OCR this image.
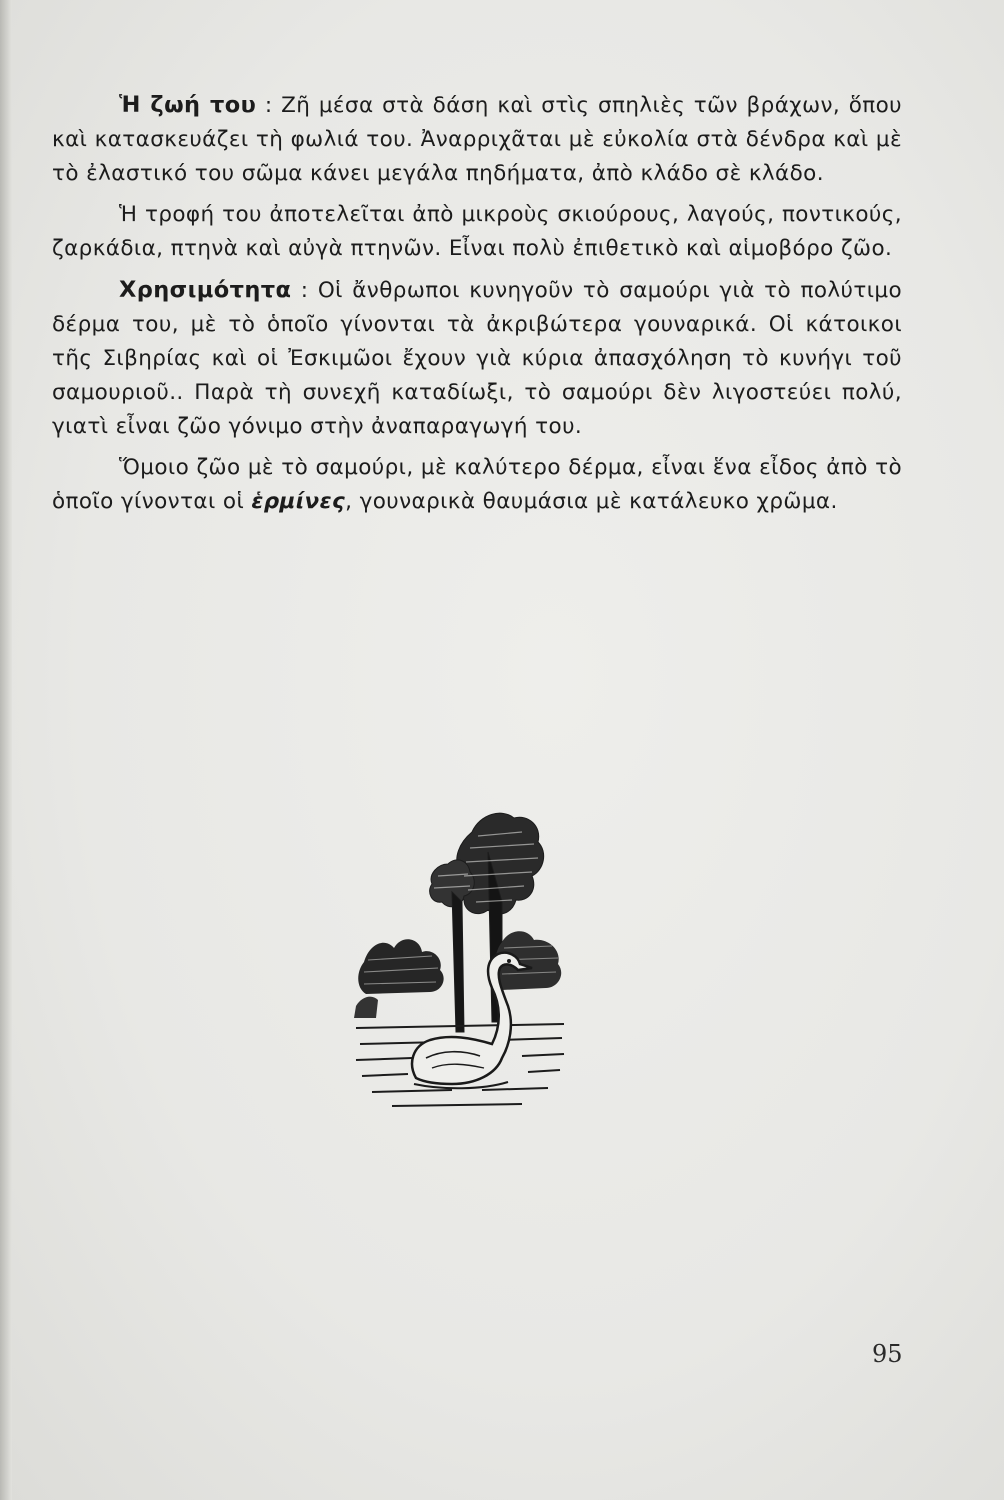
Ἡ ζωή του : Ζῆ μέσα στὰ δάση καὶ στὶς σπηλιὲς τῶν βράχων, ὅπου καὶ κατασκευάζει τὴ φωλιά του. Ἀναρριχᾶται μὲ εὐκολία στὰ δένδρα καὶ μὲ τὸ ἐλαστικό του σῶμα κάνει μεγάλα πηδήματα, ἀπὸ κλάδο σὲ κλάδο.

Ἡ τροφή του ἀποτελεῖται ἀπὸ μικροὺς σκιούρους, λαγούς, ποντικούς, ζαρκάδια, πτηνὰ καὶ αὐγὰ πτηνῶν. Εἶναι πολὺ ἐπιθετικὸ καὶ αἱμοβόρο ζῶο.

Χρησιμότητα : Οἱ ἄνθρωποι κυνηγοῦν τὸ σαμούρι γιὰ τὸ πολύτιμο δέρμα του, μὲ τὸ ὁποῖο γίνονται τὰ ἀκριβώτερα γουναρικά. Οἱ κάτοικοι τῆς Σιβηρίας καὶ οἱ Ἐσκιμῶοι ἔχουν γιὰ κύρια ἀπασχόληση τὸ κυνήγι τοῦ σαμουριοῦ.. Παρὰ τὴ συνεχῆ καταδίωξι, τὸ σαμούρι δὲν λιγοστεύει πολύ, γιατὶ εἶναι ζῶο γόνιμο στὴν ἀναπαραγωγή του.

Ὅμοιο ζῶο μὲ τὸ σαμούρι, μὲ καλύτερο δέρμα, εἶναι ἕνα εἶδος ἀπὸ τὸ ὁποῖο γίνονται οἱ ἑρμίνες, γουναρικὰ θαυμάσια μὲ κατάλευκο χρῶμα.

95
